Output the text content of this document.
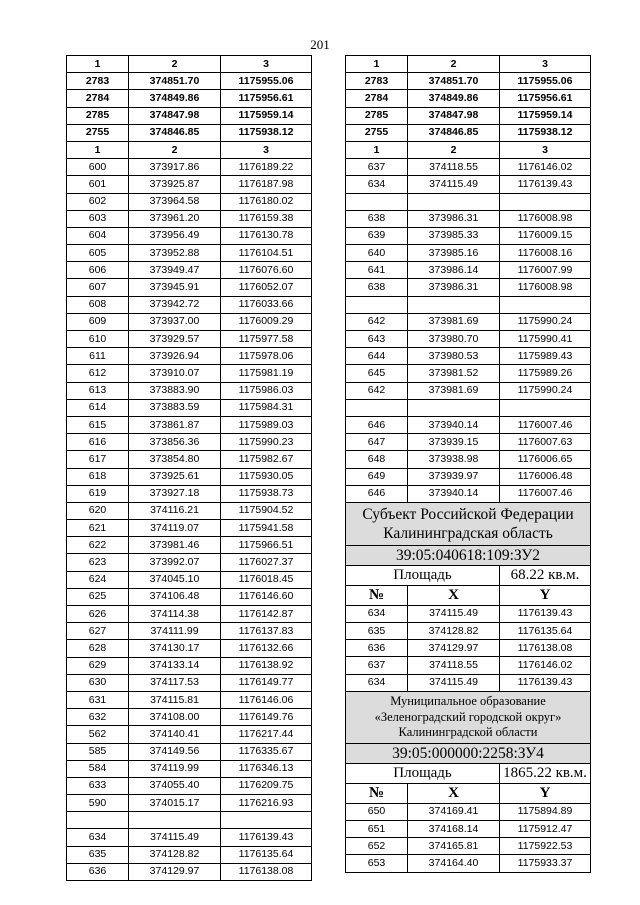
201
1	2	3
2783	374851.70	1175955.06
2784	374849.86	1175956.61
2785	374847.98	1175959.14
2755	374846.85	1175938.12
1	2	3
600	373917.86	1176189.22
601	373925.87	1176187.98
602	373964.58	1176180.02
603	373961.20	1176159.38
604	373956.49	1176130.78
605	373952.88	1176104.51
606	373949.47	1176076.60
607	373945.91	1176052.07
608	373942.72	1176033.66
609	373937.00	1176009.29
610	373929.57	1175977.58
611	373926.94	1175978.06
612	373910.07	1175981.19
613	373883.90	1175986.03
614	373883.59	1175984.31
615	373861.87	1175989.03
616	373856.36	1175990.23
617	373854.80	1175982.67
618	373925.61	1175930.05
619	373927.18	1175938.73
620	374116.21	1175904.52
621	374119.07	1175941.58
622	373981.46	1175966.51
623	373992.07	1176027.37
624	374045.10	1176018.45
625	374106.48	1176146.60
626	374114.38	1176142.87
627	374111.99	1176137.83
628	374130.17	1176132.66
629	374133.14	1176138.92
630	374117.53	1176149.77
631	374115.81	1176146.06
632	374108.00	1176149.76
562	374140.41	1176217.44
585	374149.56	1176335.67
584	374119.99	1176346.13
633	374055.40	1176209.75
590	374015.17	1176216.93

634	374115.49	1176139.43
635	374128.82	1176135.64
636	374129.97	1176138.08
1	2	3
2783	374851.70	1175955.06
2784	374849.86	1175956.61
2785	374847.98	1175959.14
2755	374846.85	1175938.12
1	2	3
637	374118.55	1176146.02
634	374115.49	1176139.43

638	373986.31	1176008.98
639	373985.33	1176009.15
640	373985.16	1176008.16
641	373986.14	1176007.99
638	373986.31	1176008.98

642	373981.69	1175990.24
643	373980.70	1175990.41
644	373980.53	1175989.43
645	373981.52	1175989.26
642	373981.69	1175990.24

646	373940.14	1176007.46
647	373939.15	1176007.63
648	373938.98	1176006.65
649	373939.97	1176006.48
646	373940.14	1176007.46
Субъект Российской Федерации Калининградская область		
39:05:040618:109:ЗУ2		
Площадь		68.22 кв.м.
№	X	Y
634	374115.49	1176139.43
635	374128.82	1176135.64
636	374129.97	1176138.08
637	374118.55	1176146.02
634	374115.49	1176139.43
Муниципальное образование «Зеленоградский городской округ» Калининградской области		
39:05:000000:2258:ЗУ4		
Площадь		1865.22 кв.м.
№	X	Y
650	374169.41	1175894.89
651	374168.14	1175912.47
652	374165.81	1175922.53
653	374164.40	1175933.37
